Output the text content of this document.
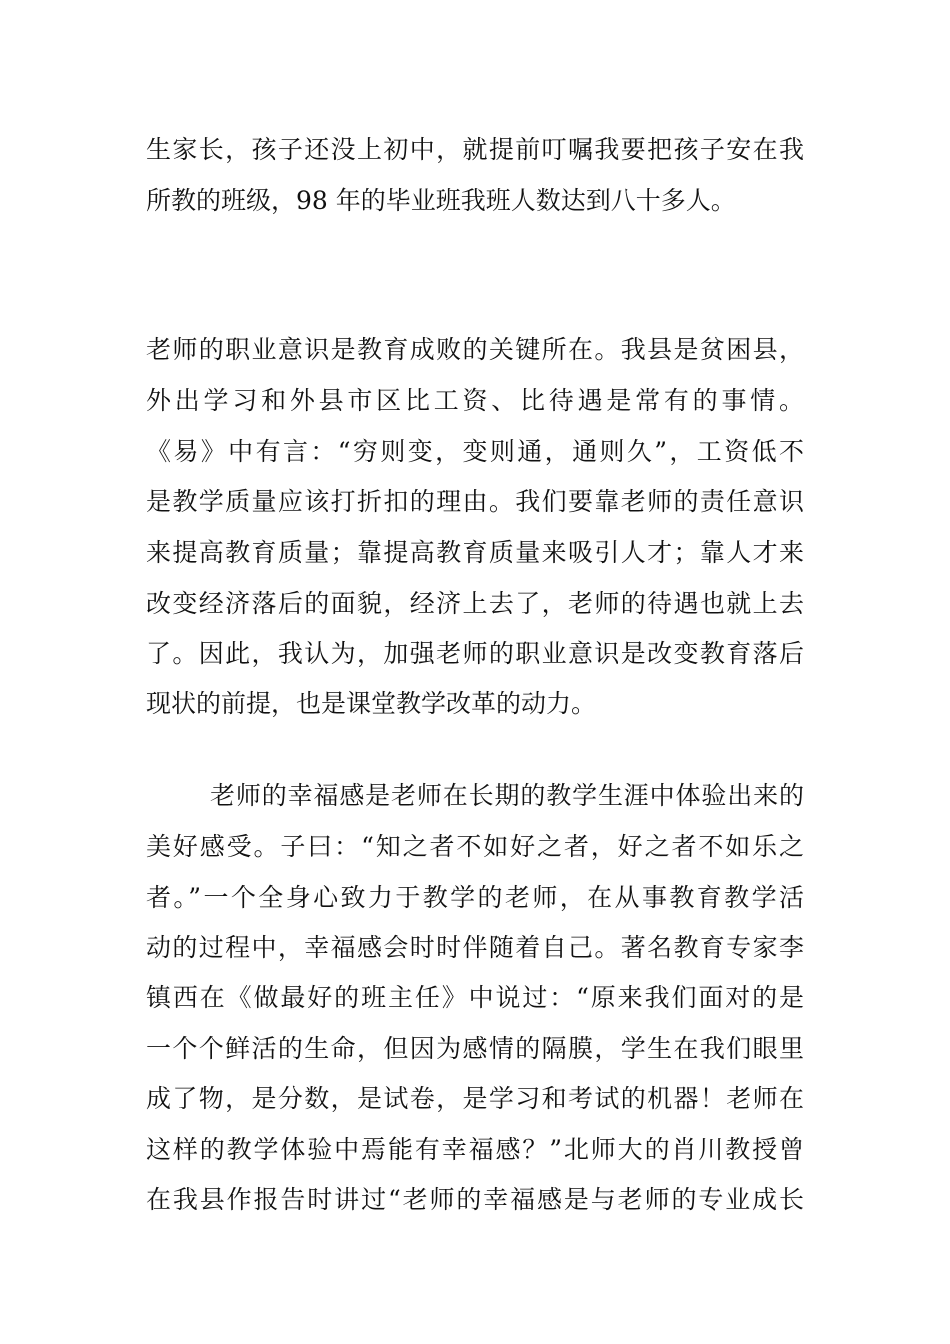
生家长，孩子还没上初中，就提前叮嘱我要把孩子安在我
所教的班级，98 年的毕业班我班人数达到八十多人。
老师的职业意识是教育成败的关键所在。我县是贫困县，
外出学习和外县市区比工资、比待遇是常有的事情。
《易》中有言：“穷则变，变则通，通则久”，工资低不
是教学质量应该打折扣的理由。我们要靠老师的责任意识
来提高教育质量；靠提高教育质量来吸引人才；靠人才来
改变经济落后的面貌，经济上去了，老师的待遇也就上去
了。因此，我认为，加强老师的职业意识是改变教育落后
现状的前提，也是课堂教学改革的动力。
老师的幸福感是老师在长期的教学生涯中体验出来的
美好感受。子曰：“知之者不如好之者，好之者不如乐之
者。”一个全身心致力于教学的老师，在从事教育教学活
动的过程中，幸福感会时时伴随着自己。著名教育专家李
镇西在《做最好的班主任》中说过：“原来我们面对的是
一个个鲜活的生命，但因为感情的隔膜，学生在我们眼里
成了物，是分数，是试卷，是学习和考试的机器！老师在
这样的教学体验中焉能有幸福感？”北师大的肖川教授曾
在我县作报告时讲过“老师的幸福感是与老师的专业成长
